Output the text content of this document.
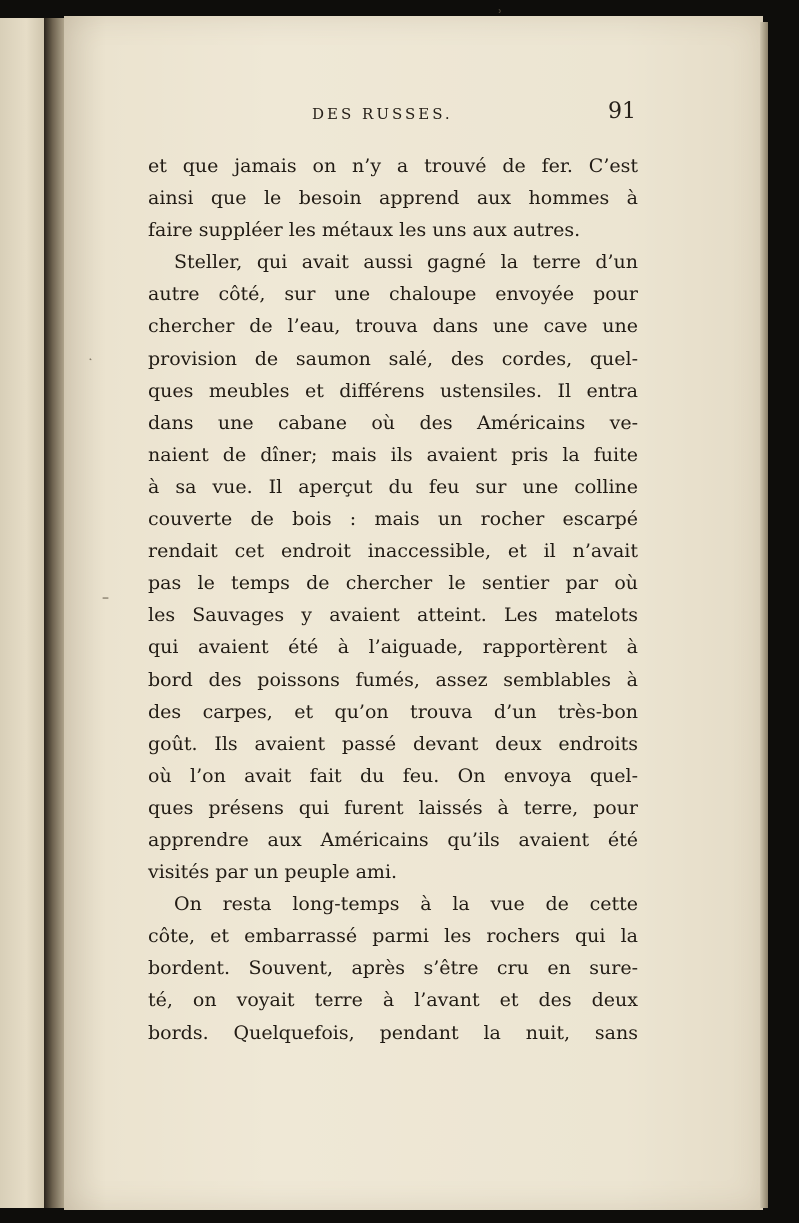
DES RUSSES.	91
et que jamais on n’y a trouvé de fer. C’est
ainsi que le besoin apprend aux hommes à
faire suppléer les métaux les uns aux autres.
Steller, qui avait aussi gagné la terre d’un
autre côté, sur une chaloupe envoyée pour
chercher de l’eau, trouva dans une cave une
provision de saumon salé, des cordes, quel-
ques meubles et différens ustensiles. Il entra
dans une cabane où des Américains ve-
naient de dîner; mais ils avaient pris la fuite
à sa vue. Il aperçut du feu sur une colline
couverte de bois : mais un rocher escarpé
rendait cet endroit inaccessible, et il n’avait
pas le temps de chercher le sentier par où
les Sauvages y avaient atteint. Les matelots
qui avaient été à l’aiguade, rapportèrent à
bord des poissons fumés, assez semblables à
des carpes, et qu’on trouva d’un très-bon
goût. Ils avaient passé devant deux endroits
où l’on avait fait du feu. On envoya quel-
ques présens qui furent laissés à terre, pour
apprendre aux Américains qu’ils avaient été
visités par un peuple ami.
On resta long-temps à la vue de cette
côte, et embarrassé parmi les rochers qui la
bordent. Souvent, après s’être cru en sure-
té, on voyait terre à l’avant et des deux
bords. Quelquefois, pendant la nuit, sans
˛
–
ʾ
